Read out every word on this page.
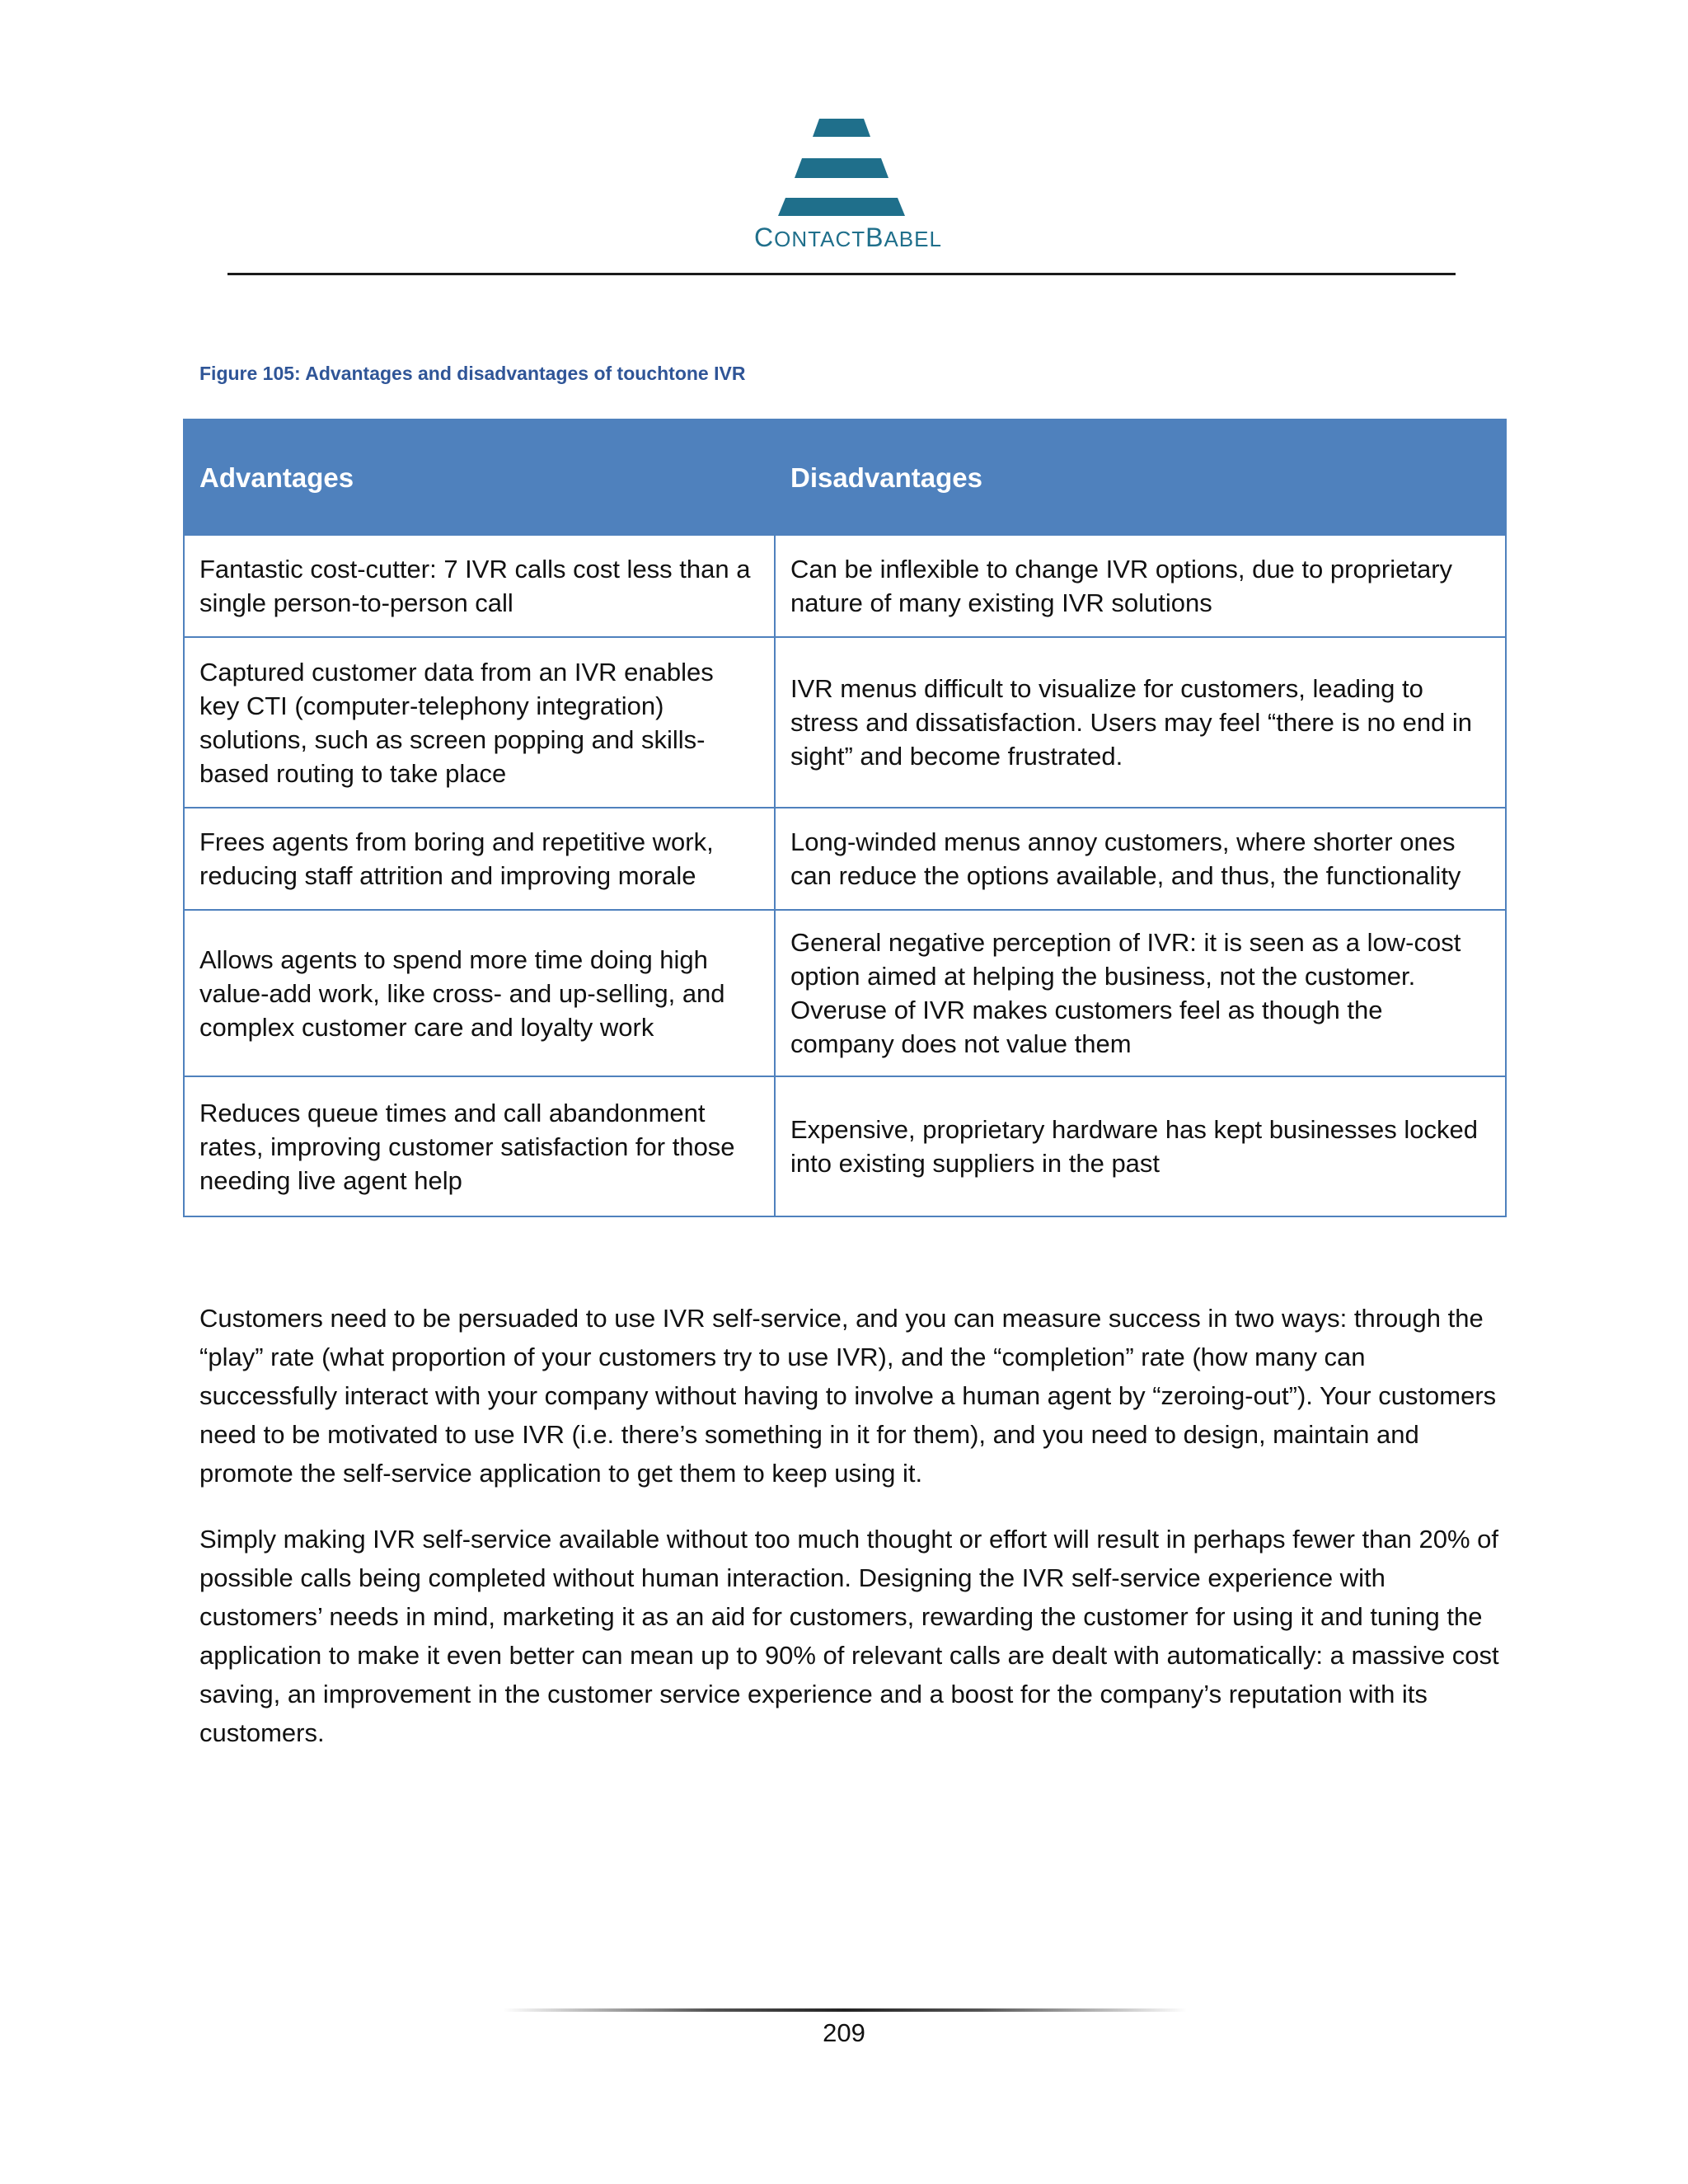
CONTACTBABEL
Figure 105: Advantages and disadvantages of touchtone IVR
Advantages	Disadvantages
Fantastic cost-cutter: 7 IVR calls cost less than a single person-to-person call	Can be inflexible to change IVR options, due to proprietary nature of many existing IVR solutions
Captured customer data from an IVR enables key CTI (computer-telephony integration) solutions, such as screen popping and skills-based routing to take place	IVR menus difficult to visualize for customers, leading to stress and dissatisfaction. Users may feel “there is no end in sight” and become frustrated.
Frees agents from boring and repetitive work, reducing staff attrition and improving morale	Long-winded menus annoy customers, where shorter ones can reduce the options available, and thus, the functionality
Allows agents to spend more time doing high value-add work, like cross- and up-selling, and complex customer care and loyalty work	General negative perception of IVR: it is seen as a low-cost option aimed at helping the business, not the customer. Overuse of IVR makes customers feel as though the company does not value them
Reduces queue times and call abandonment rates, improving customer satisfaction for those needing live agent help	Expensive, proprietary hardware has kept businesses locked into existing suppliers in the past

Customers need to be persuaded to use IVR self-service, and you can measure success in two ways: through the “play” rate (what proportion of your customers try to use IVR), and the “completion” rate (how many can successfully interact with your company without having to involve a human agent by “zeroing-out”). Your customers need to be motivated to use IVR (i.e. there’s something in it for them), and you need to design, maintain and promote the self-service application to get them to keep using it.

Simply making IVR self-service available without too much thought or effort will result in perhaps fewer than 20% of possible calls being completed without human interaction. Designing the IVR self-service experience with customers’ needs in mind, marketing it as an aid for customers, rewarding the customer for using it and tuning the application to make it even better can mean up to 90% of relevant calls are dealt with automatically: a massive cost saving, an improvement in the customer service experience and a boost for the company’s reputation with its customers.

209
